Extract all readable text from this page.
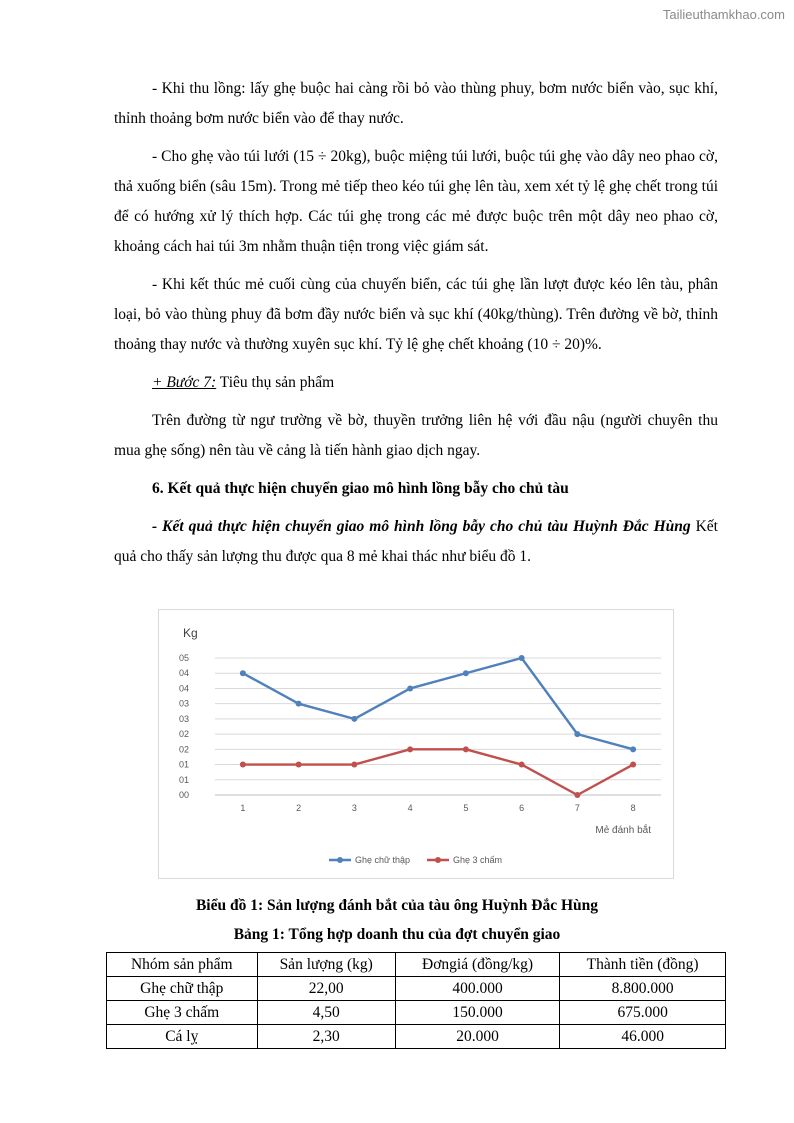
Tailieuthamkhao.com

- Khi thu lồng: lấy ghẹ buộc hai càng rồi bỏ vào thùng phuy, bơm nước biển vào, sục khí, thỉnh thoảng bơm nước biển vào để thay nước.

- Cho ghẹ vào túi lưới (15 ÷ 20kg), buộc miệng túi lưới, buộc túi ghẹ vào dây neo phao cờ, thả xuống biển (sâu 15m). Trong mẻ tiếp theo kéo túi ghẹ lên tàu, xem xét tỷ lệ ghẹ chết trong túi để có hướng xử lý thích hợp. Các túi ghẹ trong các mẻ được buộc trên một dây neo phao cờ, khoảng cách hai túi 3m nhằm thuận tiện trong việc giám sát.

- Khi kết thúc mẻ cuối cùng của chuyến biển, các túi ghẹ lần lượt được kéo lên tàu, phân loại, bỏ vào thùng phuy đã bơm đầy nước biển và sục khí (40kg/thùng). Trên đường về bờ, thỉnh thoảng thay nước và thường xuyên sục khí. Tỷ lệ ghẹ chết khoảng (10 ÷ 20)%.

+ Bước 7: Tiêu thụ sản phẩm

Trên đường từ ngư trường về bờ, thuyền trưởng liên hệ với đầu nậu (người chuyên thu mua ghẹ sống) nên tàu về cảng là tiến hành giao dịch ngay.

6. Kết quả thực hiện chuyển giao mô hình lồng bẫy cho chủ tàu

- Kết quả thực hiện chuyển giao mô hình lồng bẫy cho chủ tàu Huỳnh Đắc Hùng Kết quả cho thấy sản lượng thu được qua 8 mẻ khai thác như biểu đồ 1.

00
01
01
02
02
03
03
04
04
05
1	2	3	4	5	6	7	8
Kg
Mẻ đánh bắt
Ghẹ chữ thập	Ghẹ 3 chấm
Biểu đồ 1: Sản lượng đánh bắt của tàu ông Huỳnh Đắc Hùng
Bảng 1: Tổng hợp doanh thu của đợt chuyển giao
Nhóm sản phẩm	Sản lượng (kg)	Đơngiá (đồng/kg)	Thành tiền (đồng)
Ghẹ chữ thập	22,00	400.000	8.800.000
Ghẹ 3 chấm	4,50	150.000	675.000
Cá lỵ	2,30	20.000	46.000
